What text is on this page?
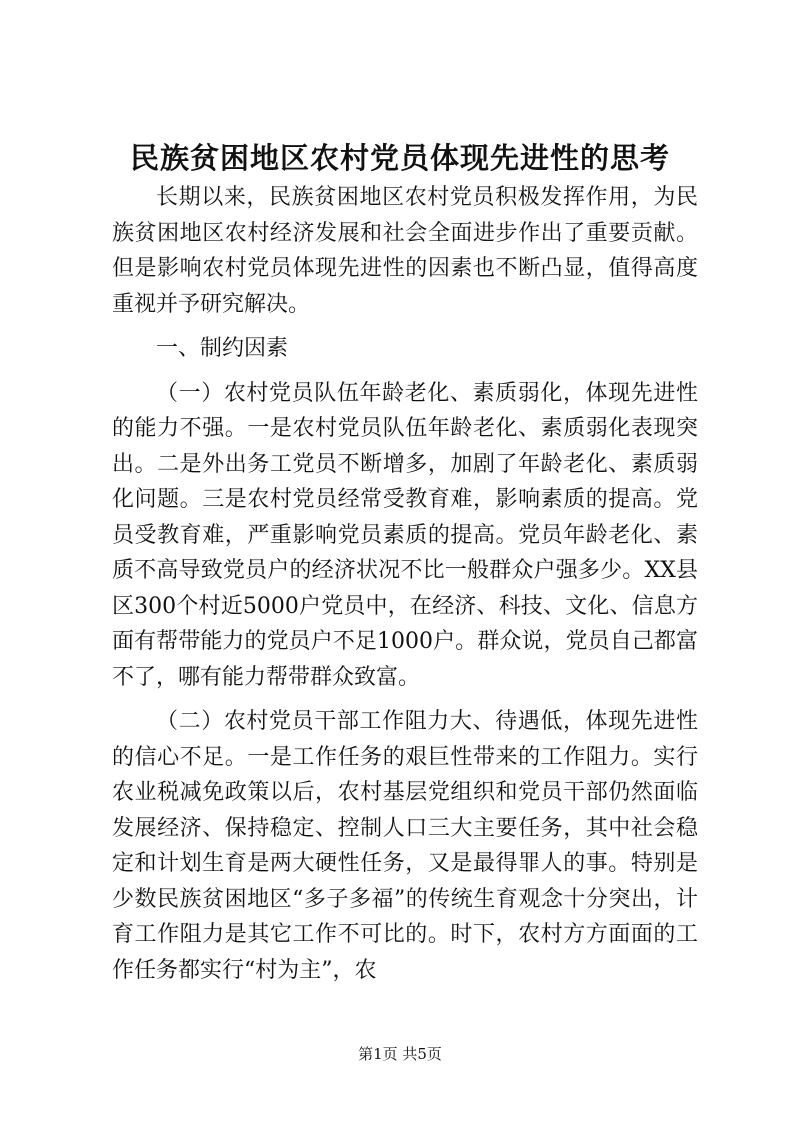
民族贫困地区农村党员体现先进性的思考

长期以来，民族贫困地区农村党员积极发挥作用，为民族贫困地区农村经济发展和社会全面进步作出了重要贡献。但是影响农村党员体现先进性的因素也不断凸显，值得高度重视并予研究解决。

一、制约因素

（一）农村党员队伍年龄老化、素质弱化，体现先进性的能力不强。一是农村党员队伍年龄老化、素质弱化表现突出。二是外出务工党员不断增多，加剧了年龄老化、素质弱化问题。三是农村党员经常受教育难，影响素质的提高。党员受教育难，严重影响党员素质的提高。党员年龄老化、素质不高导致党员户的经济状况不比一般群众户强多少。XX县区300个村近5000户党员中，在经济、科技、文化、信息方面有帮带能力的党员户不足1000户。群众说，党员自己都富不了，哪有能力帮带群众致富。

（二）农村党员干部工作阻力大、待遇低，体现先进性的信心不足。一是工作任务的艰巨性带来的工作阻力。实行农业税减免政策以后，农村基层党组织和党员干部仍然面临发展经济、保持稳定、控制人口三大主要任务，其中社会稳定和计划生育是两大硬性任务，又是最得罪人的事。特别是少数民族贫困地区“多子多福”的传统生育观念十分突出，计育工作阻力是其它工作不可比的。时下，农村方方面面的工作任务都实行“村为主”，农

第1页 共5页
